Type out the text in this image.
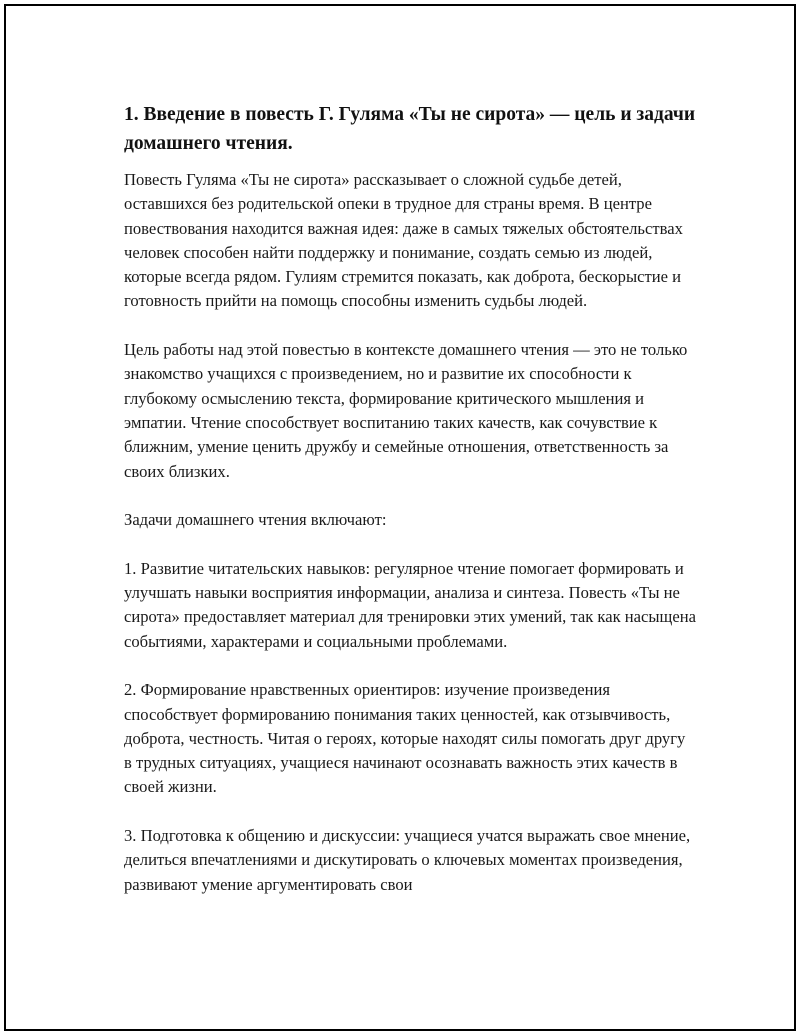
1. Введение в повесть Г. Гуляма «Ты не сирота» — цель и задачи домашнего чтения.

Повесть Гуляма «Ты не сирота» рассказывает о сложной судьбе детей, оставшихся без родительской опеки в трудное для страны время. В центре повествования находится важная идея: даже в самых тяжелых обстоятельствах человек способен найти поддержку и понимание, создать семью из людей, которые всегда рядом. Гулиям стремится показать, как доброта, бескорыстие и готовность прийти на помощь способны изменить судьбы людей.

Цель работы над этой повестью в контексте домашнего чтения — это не только знакомство учащихся с произведением, но и развитие их способности к глубокому осмыслению текста, формирование критического мышления и эмпатии. Чтение способствует воспитанию таких качеств, как сочувствие к ближним, умение ценить дружбу и семейные отношения, ответственность за своих близких.

Задачи домашнего чтения включают:

1. Развитие читательских навыков: регулярное чтение помогает формировать и улучшать навыки восприятия информации, анализа и синтеза. Повесть «Ты не сирота» предоставляет материал для тренировки этих умений, так как насыщена событиями, характерами и социальными проблемами.

2. Формирование нравственных ориентиров: изучение произведения способствует формированию понимания таких ценностей, как отзывчивость, доброта, честность. Читая о героях, которые находят силы помогать друг другу в трудных ситуациях, учащиеся начинают осознавать важность этих качеств в своей жизни.

3. Подготовка к общению и дискуссии: учащиеся учатся выражать свое мнение, делиться впечатлениями и дискутировать о ключевых моментах произведения, развивают умение аргументировать свои
